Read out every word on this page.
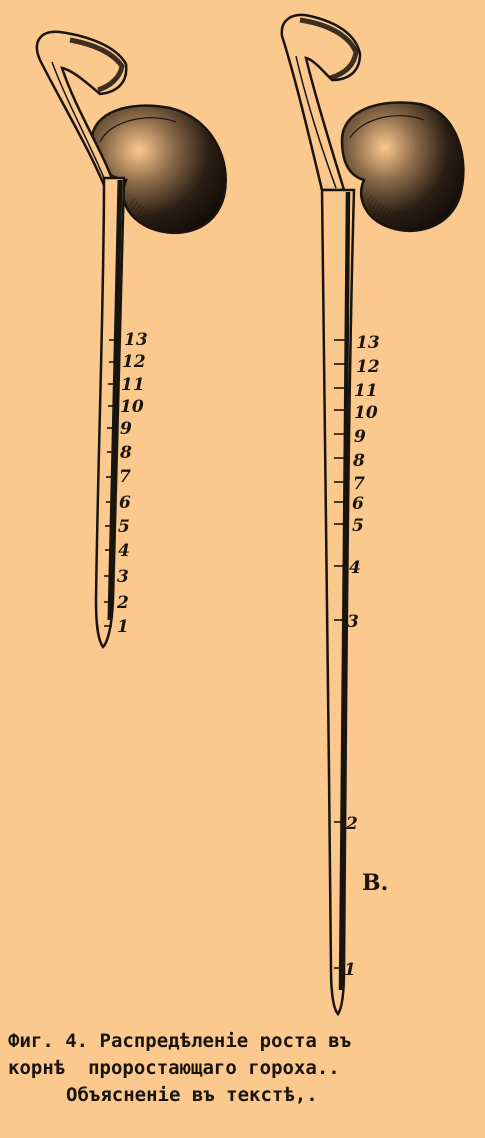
1
2
3
4
5
6
7
8
9
10
11
12
13
1
2
3
4
5
6
7
8
9
10
11
12
13
В.
Фиг. 4. Распредѣленіе роста въ
корнѣ  проростающаго гороха..
Объясненіе въ текстѣ,.
